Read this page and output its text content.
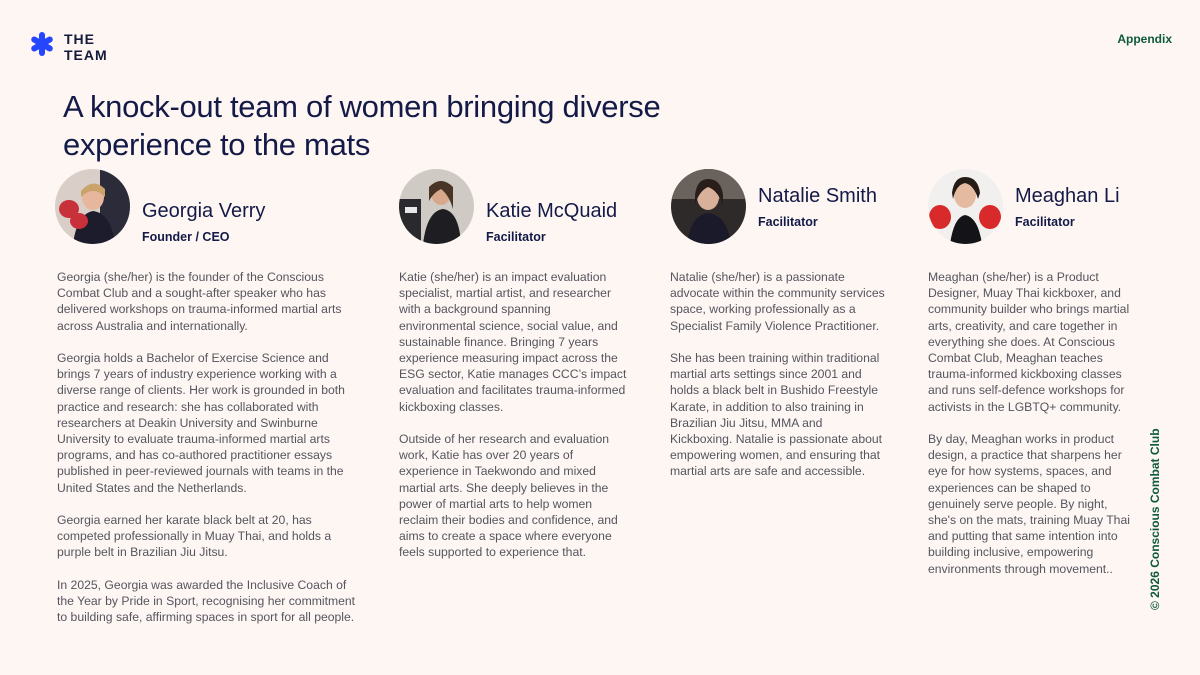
THE
TEAM
Appendix
A knock-out team of women bringing diverse experience to the mats
Georgia Verry
Founder / CEO

Georgia (she/her) is the founder of the Conscious Combat Club and a sought-after speaker who has delivered workshops on trauma-informed martial arts across Australia and internationally.

Georgia holds a Bachelor of Exercise Science and brings 7 years of industry experience working with a diverse range of clients. Her work is grounded in both practice and research: she has collaborated with researchers at Deakin University and Swinburne University to evaluate trauma-informed martial arts programs, and has co-authored practitioner essays published in peer-reviewed journals with teams in the United States and the Netherlands.

Georgia earned her karate black belt at 20, has competed professionally in Muay Thai, and holds a purple belt in Brazilian Jiu Jitsu.

In 2025, Georgia was awarded the Inclusive Coach of the Year by Pride in Sport, recognising her commitment to building safe, affirming spaces in sport for all people.

Katie McQuaid
Facilitator

Katie (she/her) is an impact evaluation specialist, martial artist, and researcher with a background spanning environmental science, social value, and sustainable finance. Bringing 7 years experience measuring impact across the ESG sector, Katie manages CCC’s impact evaluation and facilitates trauma-informed kickboxing classes.

Outside of her research and evaluation work, Katie has over 20 years of experience in Taekwondo and mixed martial arts. She deeply believes in the power of martial arts to help women reclaim their bodies and confidence, and aims to create a space where everyone feels supported to experience that.

Natalie Smith
Facilitator

Natalie (she/her) is a passionate advocate within the community services space, working professionally as a Specialist Family Violence Practitioner.

She has been training within traditional martial arts settings since 2001 and holds a black belt in Bushido Freestyle Karate, in addition to also training in Brazilian Jiu Jitsu, MMA and Kickboxing. Natalie is passionate about empowering women, and ensuring that martial arts are safe and accessible.

Meaghan Li
Facilitator

Meaghan (she/her) is a Product Designer, Muay Thai kickboxer, and community builder who brings martial arts, creativity, and care together in everything she does. At Conscious Combat Club, Meaghan teaches trauma-informed kickboxing classes and runs self-defence workshops for activists in the LGBTQ+ community.

By day, Meaghan works in product design, a practice that sharpens her eye for how systems, spaces, and experiences can be shaped to genuinely serve people. By night, she's on the mats, training Muay Thai and putting that same intention into building inclusive, empowering environments through movement..	© 2026 Conscious Combat Club
